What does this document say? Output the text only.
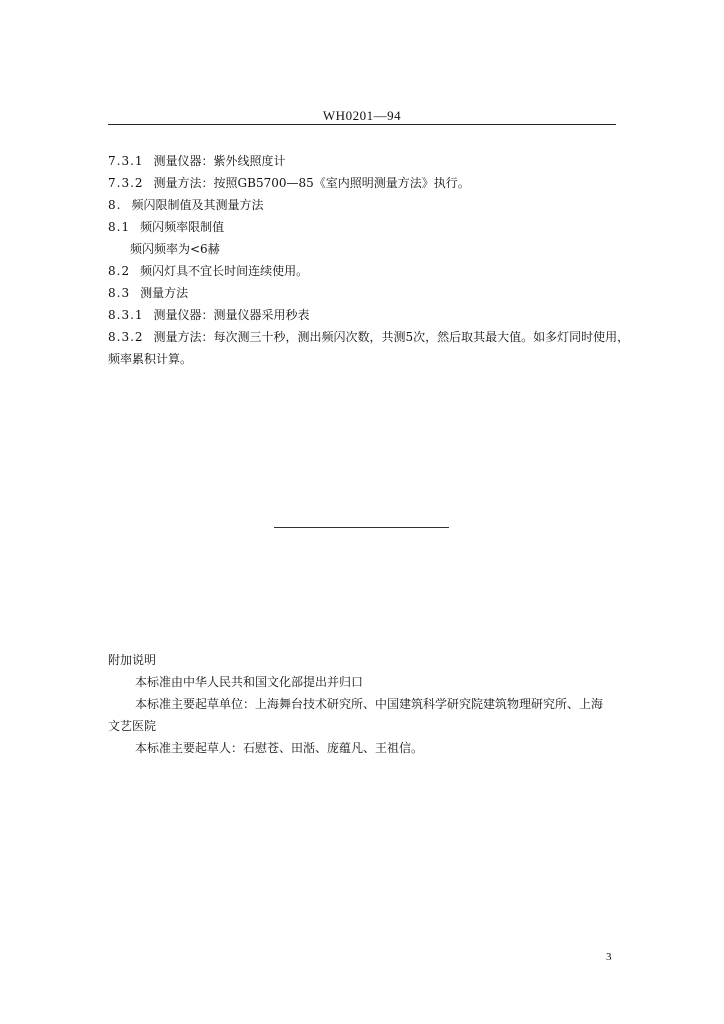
WH0201—94
7.3.1 测量仪器：紫外线照度计
7.3.2 测量方法：按照GB5700—85《室内照明测量方法》执行。
8. 频闪限制值及其测量方法
8.1 频闪频率限制值
频闪频率为<6赫
8.2 频闪灯具不宜长时间连续使用。
8.3 测量方法
8.3.1 测量仪器：测量仪器采用秒表
8.3.2 测量方法：每次测三十秒，测出频闪次数，共测5次，然后取其最大值。如多灯同时使用，
频率累积计算。
附加说明
本标准由中华人民共和国文化部提出并归口
本标准主要起草单位：上海舞台技术研究所、中国建筑科学研究院建筑物理研究所、上海
文艺医院
本标准主要起草人：石慰苍、田湉、庞蕴凡、王祖信。
3
